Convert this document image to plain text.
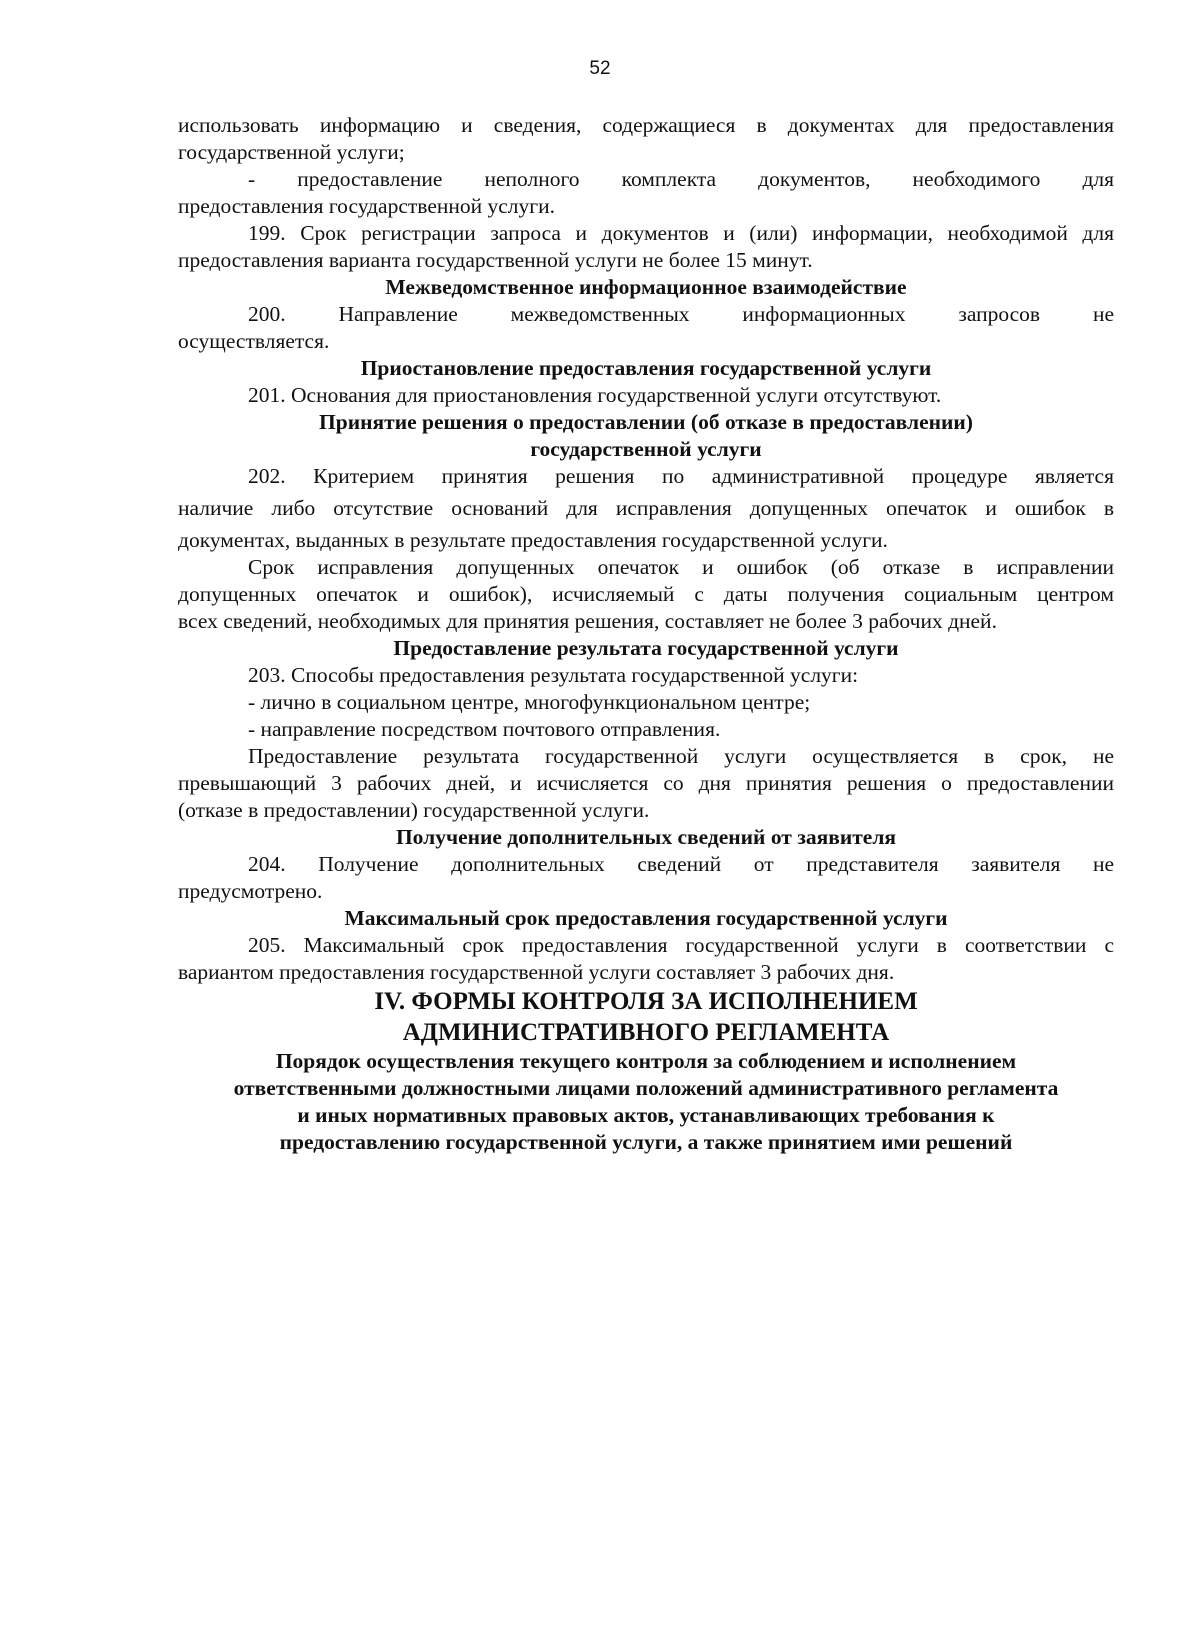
52

использовать информацию и сведения, содержащиеся в документах для предоставления
государственной услуги;

- предоставление неполного комплекта документов, необходимого для
предоставления государственной услуги.

199. Срок регистрации запроса и документов и (или) информации, необходимой для
предоставления варианта государственной услуги не более 15 минут.

Межведомственное информационное взаимодействие

200. Направление межведомственных информационных запросов не
осуществляется.

Приостановление предоставления государственной услуги

201. Основания для приостановления государственной услуги отсутствуют.

Принятие решения о предоставлении (об отказе в предоставлении)
государственной услуги

202. Критерием принятия решения по административной процедуре является
наличие либо отсутствие оснований для исправления допущенных опечаток и ошибок в
документах, выданных в результате предоставления государственной услуги.

Срок исправления допущенных опечаток и ошибок (об отказе в исправлении
допущенных опечаток и ошибок), исчисляемый с даты получения социальным центром
всех сведений, необходимых для принятия решения, составляет не более 3 рабочих дней.

Предоставление результата государственной услуги

203. Способы предоставления результата государственной услуги:
- лично в социальном центре, многофункциональном центре;
- направление посредством почтового отправления.

Предоставление результата государственной услуги осуществляется в срок, не
превышающий 3 рабочих дней, и исчисляется со дня принятия решения о предоставлении
(отказе в предоставлении) государственной услуги.

Получение дополнительных сведений от заявителя

204. Получение дополнительных сведений от представителя заявителя не
предусмотрено.

Максимальный срок предоставления государственной услуги

205. Максимальный срок предоставления государственной услуги в соответствии с
вариантом предоставления государственной услуги составляет 3 рабочих дня.

IV. ФОРМЫ КОНТРОЛЯ ЗА ИСПОЛНЕНИЕМ
АДМИНИСТРАТИВНОГО РЕГЛАМЕНТА

Порядок осуществления текущего контроля за соблюдением и исполнением
ответственными должностными лицами положений административного регламента
и иных нормативных правовых актов, устанавливающих требования к
предоставлению государственной услуги, а также принятием ими решений
